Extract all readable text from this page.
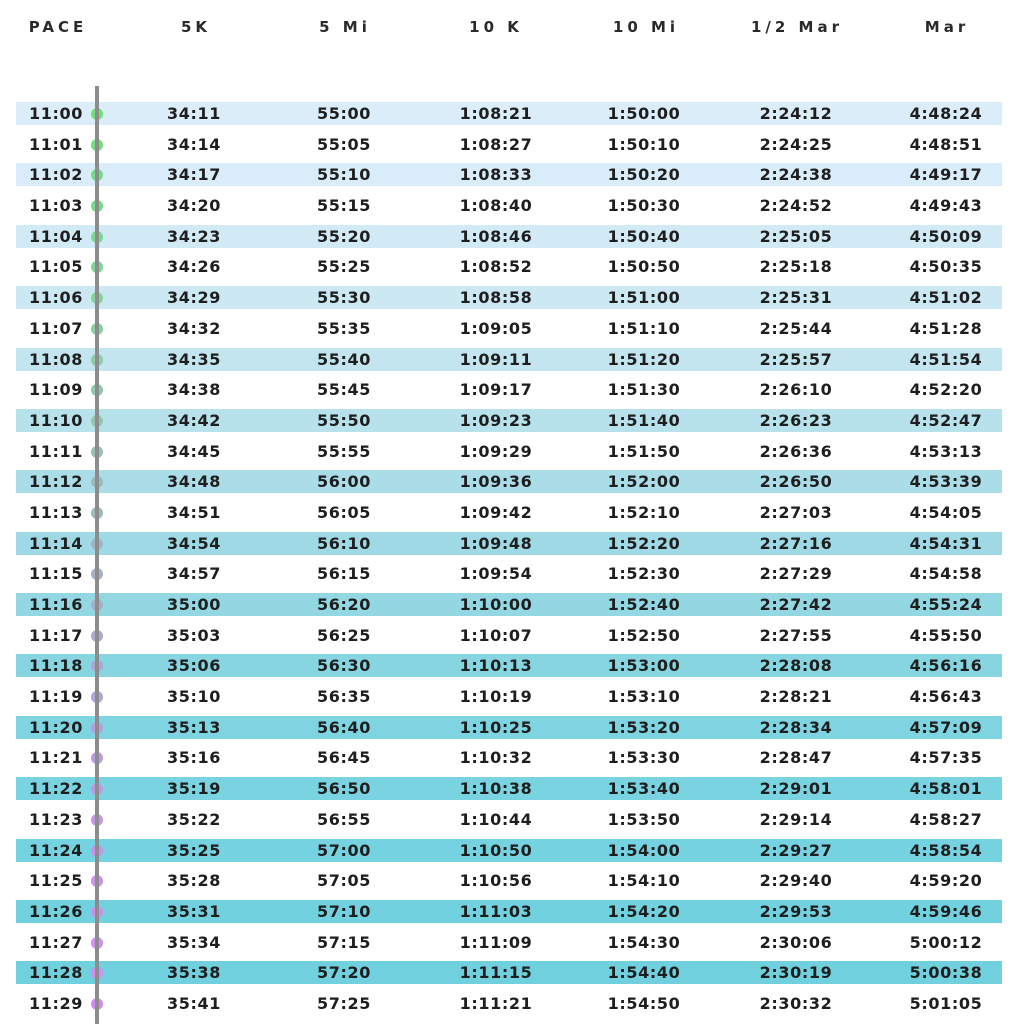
PACE	5K	5 Mi	10 K	10 Mi	1/2 Mar	Mar
11:00	34:11	55:00	1:08:21	1:50:00	2:24:12	4:48:24
11:01	34:14	55:05	1:08:27	1:50:10	2:24:25	4:48:51
11:02	34:17	55:10	1:08:33	1:50:20	2:24:38	4:49:17
11:03	34:20	55:15	1:08:40	1:50:30	2:24:52	4:49:43
11:04	34:23	55:20	1:08:46	1:50:40	2:25:05	4:50:09
11:05	34:26	55:25	1:08:52	1:50:50	2:25:18	4:50:35
11:06	34:29	55:30	1:08:58	1:51:00	2:25:31	4:51:02
11:07	34:32	55:35	1:09:05	1:51:10	2:25:44	4:51:28
11:08	34:35	55:40	1:09:11	1:51:20	2:25:57	4:51:54
11:09	34:38	55:45	1:09:17	1:51:30	2:26:10	4:52:20
11:10	34:42	55:50	1:09:23	1:51:40	2:26:23	4:52:47
11:11	34:45	55:55	1:09:29	1:51:50	2:26:36	4:53:13
11:12	34:48	56:00	1:09:36	1:52:00	2:26:50	4:53:39
11:13	34:51	56:05	1:09:42	1:52:10	2:27:03	4:54:05
11:14	34:54	56:10	1:09:48	1:52:20	2:27:16	4:54:31
11:15	34:57	56:15	1:09:54	1:52:30	2:27:29	4:54:58
11:16	35:00	56:20	1:10:00	1:52:40	2:27:42	4:55:24
11:17	35:03	56:25	1:10:07	1:52:50	2:27:55	4:55:50
11:18	35:06	56:30	1:10:13	1:53:00	2:28:08	4:56:16
11:19	35:10	56:35	1:10:19	1:53:10	2:28:21	4:56:43
11:20	35:13	56:40	1:10:25	1:53:20	2:28:34	4:57:09
11:21	35:16	56:45	1:10:32	1:53:30	2:28:47	4:57:35
11:22	35:19	56:50	1:10:38	1:53:40	2:29:01	4:58:01
11:23	35:22	56:55	1:10:44	1:53:50	2:29:14	4:58:27
11:24	35:25	57:00	1:10:50	1:54:00	2:29:27	4:58:54
11:25	35:28	57:05	1:10:56	1:54:10	2:29:40	4:59:20
11:26	35:31	57:10	1:11:03	1:54:20	2:29:53	4:59:46
11:27	35:34	57:15	1:11:09	1:54:30	2:30:06	5:00:12
11:28	35:38	57:20	1:11:15	1:54:40	2:30:19	5:00:38
11:29	35:41	57:25	1:11:21	1:54:50	2:30:32	5:01:05
